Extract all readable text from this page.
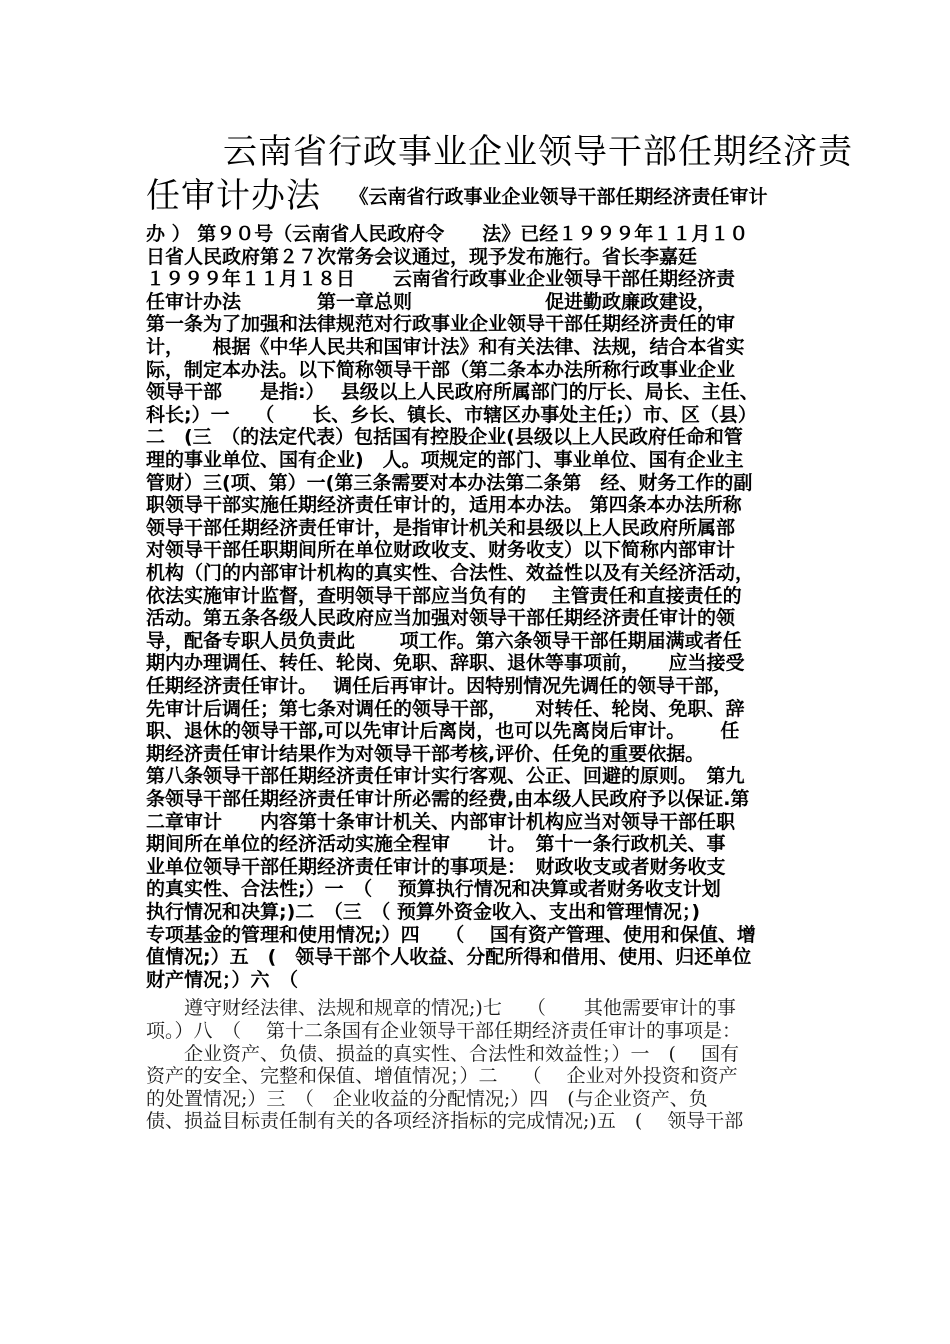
云南省行政事业企业领导干部任期经济责
任审计办法　　《云南省行政事业企业领导干部任期经济责任审计
办 ） 第９０号（云南省人民政府令　　法》已经１９９９年１１月１０
日省人民政府第２７次常务会议通过，现予发布施行。省长李嘉廷
１９９９年１１月１８日　　云南省行政事业企业领导干部任期经济责
任审计办法　　　　第一章总则　　　　　　　促进勤政廉政建设，
第一条为了加强和法律规范对行政事业企业领导干部任期经济责任的审
计，　　根据《中华人民共和国审计法》和有关法律、法规，结合本省实
际，制定本办法。以下简称领导干部（第二条本办法所称行政事业企业
领导干部　　是指:）　 县级以上人民政府所属部门的厅长、局长、主任、
科长;）一　 （　　长、乡长、镇长、市辖区办事处主任;）市、区（县）
二　(三　（的法定代表）包括国有控股企业(县级以上人民政府任命和管
理的事业单位、国有企业)　人。项规定的部门、事业单位、国有企业主
管财）三(项、第）一(第三条需要对本办法第二条第　经、财务工作的副
职领导干部实施任期经济责任审计的，适用本办法。 第四条本办法所称
领导干部任期经济责任审计，是指审计机关和县级以上人民政府所属部
对领导干部任职期间所在单位财政收支、财务收支）以下简称内部审计
机构（门的内部审计机构的真实性、合法性、效益性以及有关经济活动，
依法实施审计监督，查明领导干部应当负有的　 主管责任和直接责任的
活动。第五条各级人民政府应当加强对领导干部任期经济责任审计的领
导，配备专职人员负责此　　 项工作。第六条领导干部任期届满或者任
期内办理调任、转任、轮岗、免职、辞职、退休等事项前，　　应当接受
任期经济责任审计。　 调任后再审计。因特别情况先调任的领导干部，
先审计后调任；第七条对调任的领导干部，　　对转任、轮岗、免职、辞
职、退休的领导干部,可以先审计后离岗，也可以先离岗后审计。　　 任
期经济责任审计结果作为对领导干部考核,评价、任免的重要依据。
第八条领导干部任期经济责任审计实行客观、公正、回避的原则。　第九
条领导干部任期经济责任审计所必需的经费,由本级人民政府予以保证.第
二章审计　　内容第十条审计机关、内部审计机构应当对领导干部任职
期间所在单位的经济活动实施全程审　　计。　第十一条行政机关、事
业单位领导干部任期经济责任审计的事项是：　财政收支或者财务收支
的真实性、合法性;）一　（　 预算执行情况和决算或者财务收支计划
执行情况和决算;)二　（三　（ 预算外资金收入、支出和管理情况；)
专项基金的管理和使用情况;）四　 （　 国有资产管理、使用和保值、增
值情况;）五　(　领导干部个人收益、分配所得和借用、使用、归还单位
财产情况；）六　（
　　遵守财经法律、法规和规章的情况;)七　 （　　其他需要审计的事
项。）八　（　 第十二条国有企业领导干部任期经济责任审计的事项是：
　　企业资产、负债、损益的真实性、合法性和效益性；）一　(　 国有
资产的安全、完整和保值、增值情况；）二　 （　 企业对外投资和资产
的处置情况;）三　（　企业收益的分配情况;）四　(与企业资产、负
债、损益目标责任制有关的各项经济指标的完成情况;)五　(　 领导干部
